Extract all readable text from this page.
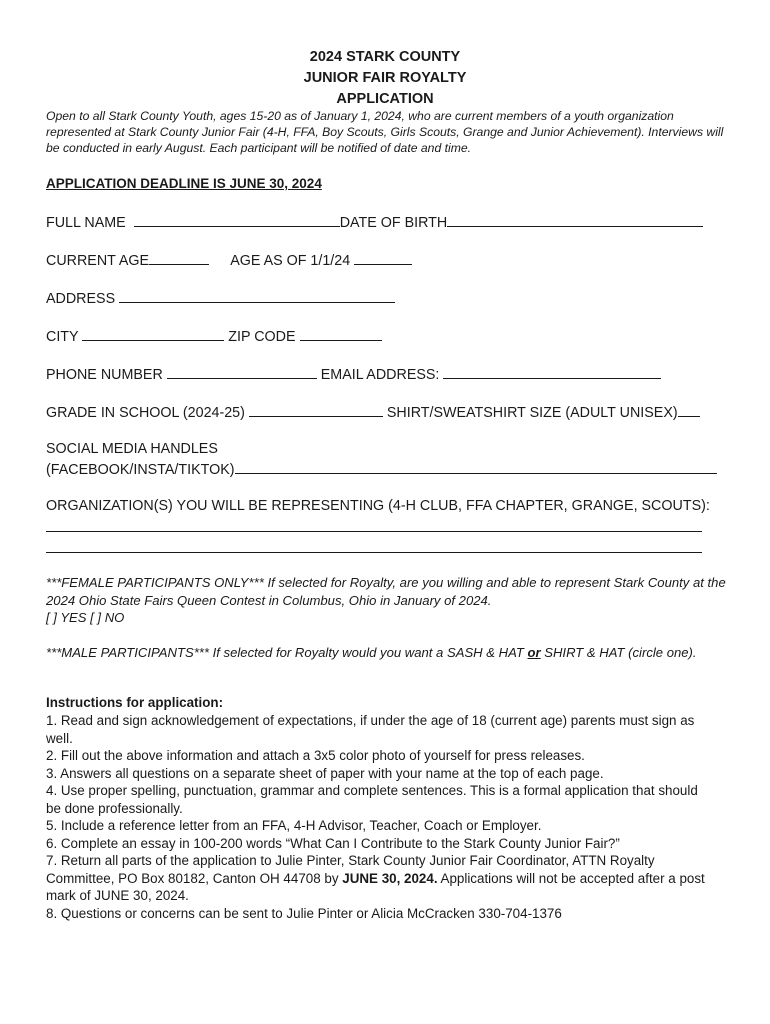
2024 STARK COUNTY
JUNIOR FAIR ROYALTY
APPLICATION
Open to all Stark County Youth, ages 15-20 as of January 1, 2024, who are current members of a youth organization represented at Stark County Junior Fair (4-H, FFA, Boy Scouts, Girls Scouts, Grange and Junior Achievement). Interviews will be conducted in early August. Each participant will be notified of date and time.
APPLICATION DEADLINE IS JUNE 30, 2024
FULL NAME	DATE OF BIRTH
CURRENT AGE	AGE AS OF 1/1/24
ADDRESS
CITY	ZIP CODE
PHONE NUMBER	EMAIL ADDRESS:
GRADE IN SCHOOL (2024-25)	SHIRT/SWEATSHIRT SIZE (ADULT UNISEX)
SOCIAL MEDIA HANDLES
(FACEBOOK/INSTA/TIKTOK)
ORGANIZATION(S) YOU WILL BE REPRESENTING (4-H CLUB, FFA CHAPTER, GRANGE, SCOUTS):
***FEMALE PARTICIPANTS ONLY*** If selected for Royalty, are you willing and able to represent Stark County at the 2024 Ohio State Fairs Queen Contest in Columbus, Ohio in January of 2024.
[ ] YES [ ] NO
***MALE PARTICIPANTS*** If selected for Royalty would you want a SASH & HAT or SHIRT & HAT (circle one).
Instructions for application:

1. Read and sign acknowledgement of expectations, if under the age of 18 (current age) parents must sign as well.

2. Fill out the above information and attach a 3x5 color photo of yourself for press releases.

3. Answers all questions on a separate sheet of paper with your name at the top of each page.

4. Use proper spelling, punctuation, grammar and complete sentences. This is a formal application that should be done professionally.

5. Include a reference letter from an FFA, 4-H Advisor, Teacher, Coach or Employer.

6. Complete an essay in 100-200 words “What Can I Contribute to the Stark County Junior Fair?”

7. Return all parts of the application to Julie Pinter, Stark County Junior Fair Coordinator, ATTN Royalty Committee, PO Box 80182, Canton OH 44708 by JUNE 30, 2024. Applications will not be accepted after a post mark of JUNE 30, 2024.

8. Questions or concerns can be sent to Julie Pinter or Alicia McCracken 330-704-1376
